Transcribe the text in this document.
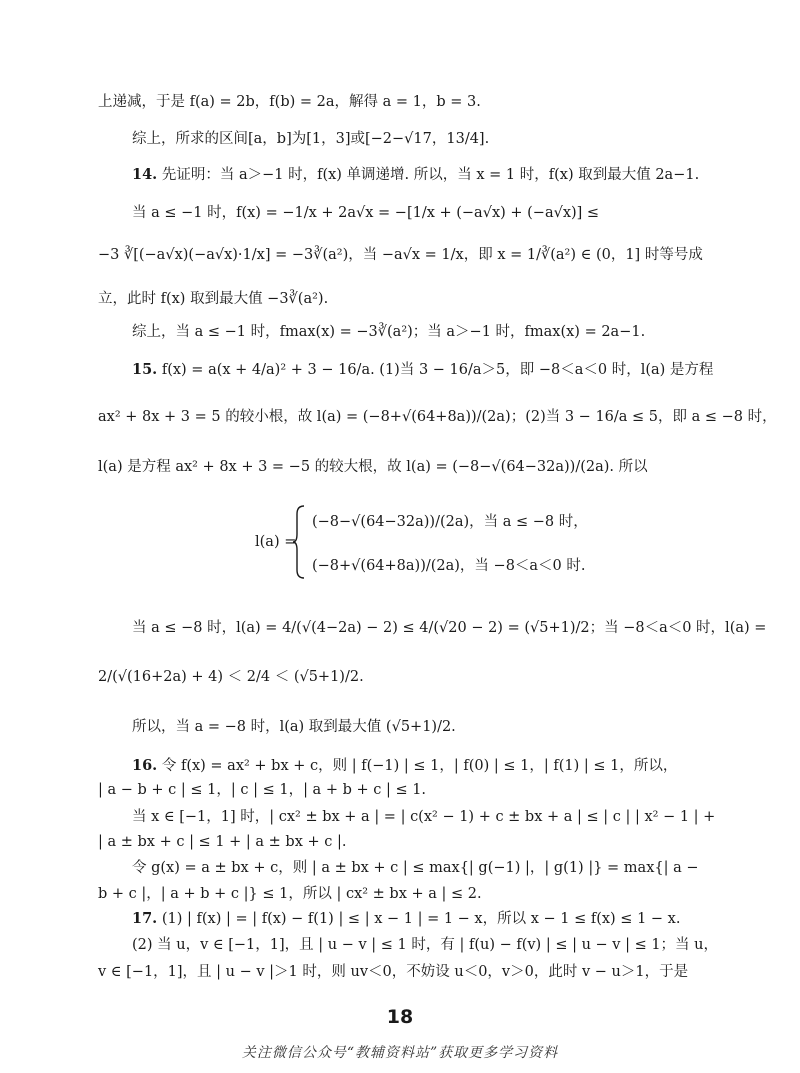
上递减，于是 f(a) = 2b，f(b) = 2a，解得 a = 1，b = 3.
综上，所求的区间[a，b]为[1，3]或[−2−√17，13/4].
14. 先证明：当 a＞−1 时，f(x) 单调递增. 所以，当 x = 1 时，f(x) 取到最大值 2a−1.
当 a ≤ −1 时，f(x) = −1/x + 2a√x = −[1/x + (−a√x) + (−a√x)] ≤
−3 ∛[(−a√x)(−a√x)·1/x] = −3∛(a²)，当 −a√x = 1/x，即 x = 1/∛(a²) ∈ (0，1] 时等号成
立，此时 f(x) 取到最大值 −3∛(a²).
综上，当 a ≤ −1 时，fmax(x) = −3∛(a²)；当 a＞−1 时，fmax(x) = 2a−1.
15. f(x) = a(x + 4/a)² + 3 − 16/a. (1)当 3 − 16/a＞5，即 −8＜a＜0 时，l(a) 是方程
ax² + 8x + 3 = 5 的较小根，故 l(a) = (−8+√(64+8a))/(2a)；(2)当 3 − 16/a ≤ 5，即 a ≤ −8 时，
l(a) 是方程 ax² + 8x + 3 = −5 的较大根，故 l(a) = (−8−√(64−32a))/(2a). 所以
l(a) =
(−8−√(64−32a))/(2a)，当 a ≤ −8 时，
(−8+√(64+8a))/(2a)，当 −8＜a＜0 时.
当 a ≤ −8 时，l(a) = 4/(√(4−2a) − 2) ≤ 4/(√20 − 2) = (√5+1)/2；当 −8＜a＜0 时，l(a) =
2/(√(16+2a) + 4) ＜ 2/4 ＜ (√5+1)/2.
所以，当 a = −8 时，l(a) 取到最大值 (√5+1)/2.
16. 令 f(x) = ax² + bx + c，则 | f(−1) | ≤ 1，| f(0) | ≤ 1，| f(1) | ≤ 1，所以，
| a − b + c | ≤ 1，| c | ≤ 1，| a + b + c | ≤ 1.
当 x ∈ [−1，1] 时，| cx² ± bx + a | = | c(x² − 1) + c ± bx + a | ≤ | c | | x² − 1 | +
| a ± bx + c | ≤ 1 + | a ± bx + c |.
令 g(x) = a ± bx + c，则 | a ± bx + c | ≤ max{| g(−1) |，| g(1) |} = max{| a −
b + c |，| a + b + c |} ≤ 1，所以 | cx² ± bx + a | ≤ 2.
17. (1) | f(x) | = | f(x) − f(1) | ≤ | x − 1 | = 1 − x，所以 x − 1 ≤ f(x) ≤ 1 − x.
(2) 当 u，v ∈ [−1，1]，且 | u − v | ≤ 1 时，有 | f(u) − f(v) | ≤ | u − v | ≤ 1；当 u，
v ∈ [−1，1]，且 | u − v |＞1 时，则 uv＜0，不妨设 u＜0，v＞0，此时 v − u＞1，于是
18
关注微信公众号“教辅资料站”获取更多学习资料
